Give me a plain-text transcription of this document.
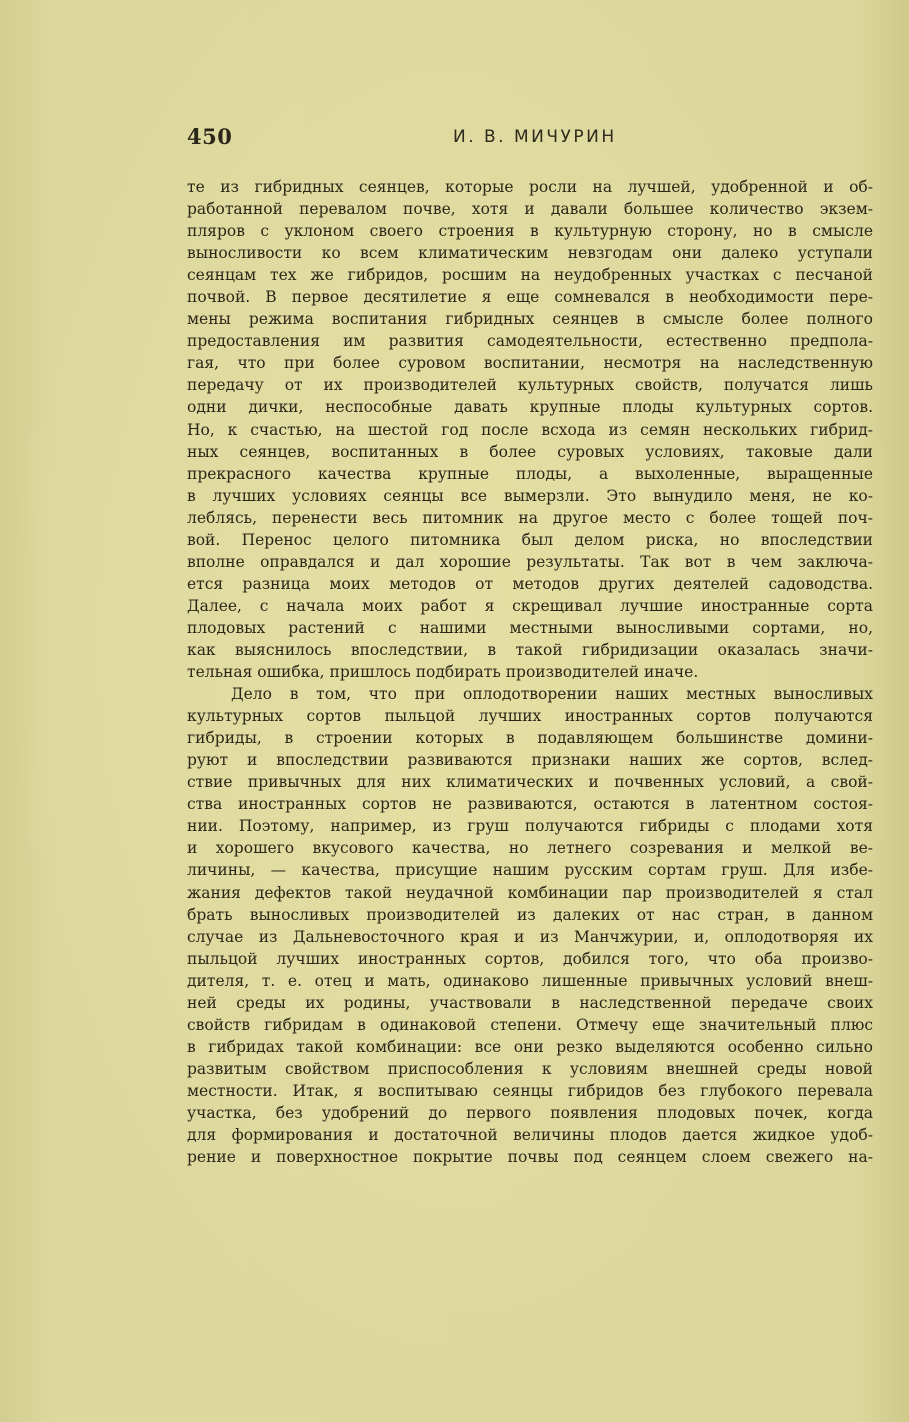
450	И. В. МИЧУРИН
те из гибридных сеянцев, которые росли на лучшей, удобренной и об-
работанной перевалом почве, хотя и давали большее количество экзем-
пляров с уклоном своего строения в культурную сторону, но в смысле
выносливости ко всем климатическим невзгодам они далеко уступали
сеянцам тех же гибридов, росшим на неудобренных участках с песчаной
почвой. В первое десятилетие я еще сомневался в необходимости пере-
мены режима воспитания гибридных сеянцев в смысле более полного
предоставления им развития самодеятельности, естественно предпола-
гая, что при более суровом воспитании, несмотря на наследственную
передачу от их производителей культурных свойств, получатся лишь
одни дички, неспособные давать крупные плоды культурных сортов.
Но, к счастью, на шестой год после всхода из семян нескольких гибрид-
ных сеянцев, воспитанных в более суровых условиях, таковые дали
прекрасного качества крупные плоды, а выхоленные, выращенные
в лучших условиях сеянцы все вымерзли. Это вынудило меня, не ко-
леблясь, перенести весь питомник на другое место с более тощей поч-
вой. Перенос целого питомника был делом риска, но впоследствии
вполне оправдался и дал хорошие результаты. Так вот в чем заключа-
ется разница моих методов от методов других деятелей садоводства.
Далее, с начала моих работ я скрещивал лучшие иностранные сорта
плодовых растений с нашими местными выносливыми сортами, но,
как выяснилось впоследствии, в такой гибридизации оказалась значи-
тельная ошибка, пришлось подбирать производителей иначе.
Дело в том, что при оплодотворении наших местных выносливых
культурных сортов пыльцой лучших иностранных сортов получаются
гибриды, в строении которых в подавляющем большинстве домини-
руют и впоследствии развиваются признаки наших же сортов, вслед-
ствие привычных для них климатических и почвенных условий, а свой-
ства иностранных сортов не развиваются, остаются в латентном состоя-
нии. Поэтому, например, из груш получаются гибриды с плодами хотя
и хорошего вкусового качества, но летнего созревания и мелкой ве-
личины, — качества, присущие нашим русским сортам груш. Для избе-
жания дефектов такой неудачной комбинации пар производителей я стал
брать выносливых производителей из далеких от нас стран, в данном
случае из Дальневосточного края и из Манчжурии, и, оплодотворяя их
пыльцой лучших иностранных сортов, добился того, что оба произво-
дителя, т. е. отец и мать, одинаково лишенные привычных условий внеш-
ней среды их родины, участвовали в наследственной передаче своих
свойств гибридам в одинаковой степени. Отмечу еще значительный плюс
в гибридах такой комбинации: все они резко выделяются особенно сильно
развитым свойством приспособления к условиям внешней среды новой
местности. Итак, я воспитываю сеянцы гибридов без глубокого перевала
участка, без удобрений до первого появления плодовых почек, когда
для формирования и достаточной величины плодов дается жидкое удоб-
рение и поверхностное покрытие почвы под сеянцем слоем свежего на-
